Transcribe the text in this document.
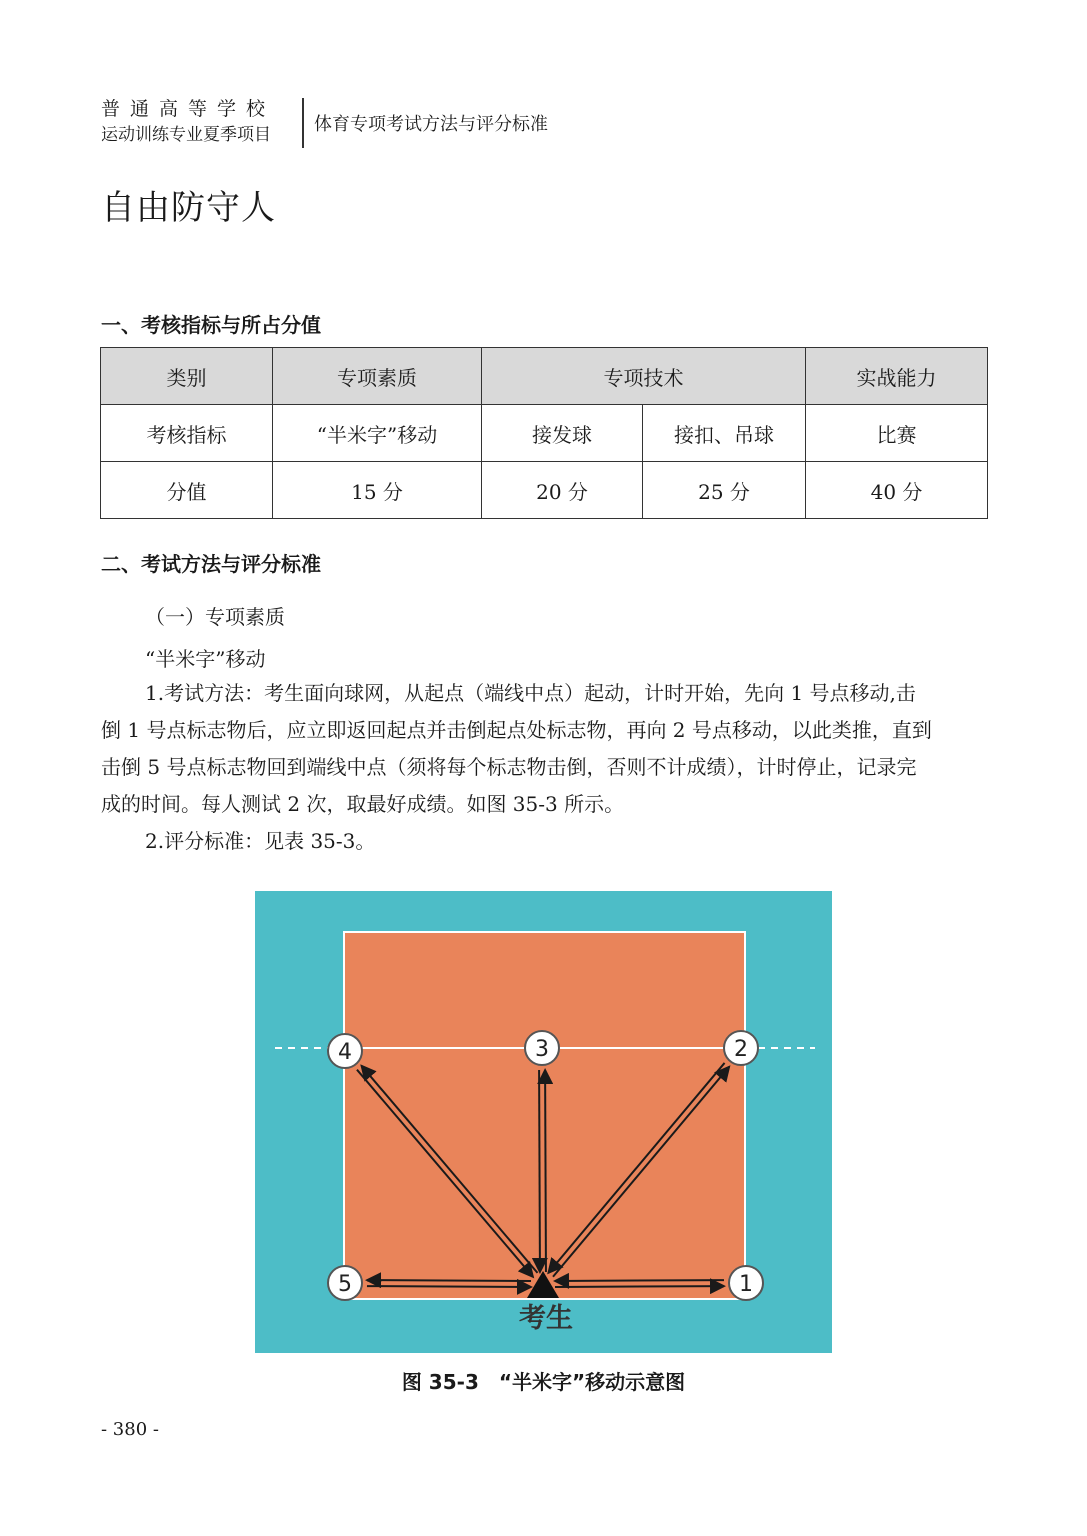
普通高等学校
运动训练专业夏季项目	体育专项考试方法与评分标准
自由防守人
一、考核指标与所占分值
类别	专项素质	专项技术		实战能力
考核指标	“半米字”移动	接发球	接扣、吊球	比赛
分值	15 分	20 分	25 分	40 分
二、考试方法与评分标准
（一）专项素质
“半米字”移动
1.考试方法：考生面向球网，从起点（端线中点）起动，计时开始，先向 1 号点移动,击
倒 1 号点标志物后，应立即返回起点并击倒起点处标志物，再向 2 号点移动，以此类推，直到
击倒 5 号点标志物回到端线中点（须将每个标志物击倒，否则不计成绩），计时停止，记录完
成的时间。每人测试 2 次，取最好成绩。如图 35-3 所示。
2.评分标准：见表 35-3。
考生
1
2
3
4
5
图 35-3　“半米字”移动示意图
- 380 -
